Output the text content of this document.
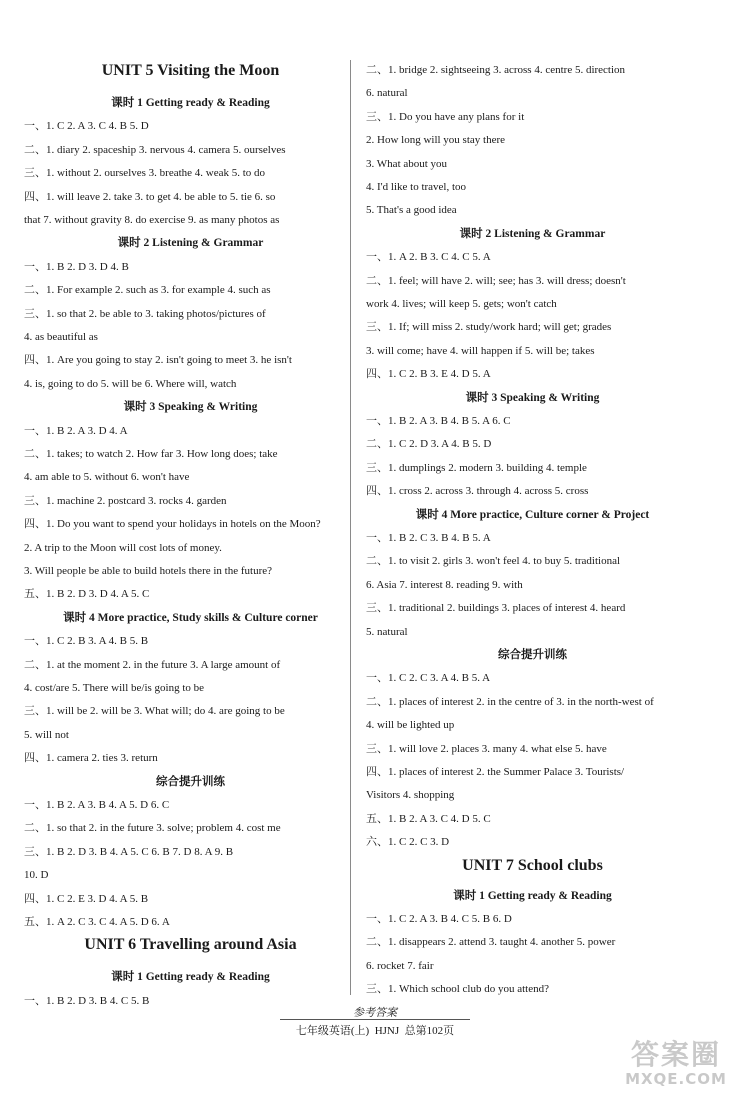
UNIT 5 Visiting the Moon
课时 1 Getting ready & Reading
一、1. C 2. A 3. C 4. B 5. D
二、1. diary 2. spaceship 3. nervous 4. camera 5. ourselves
三、1. without 2. ourselves 3. breathe 4. weak 5. to do
四、1. will leave 2. take 3. to get 4. be able to 5. tie 6. so
that 7. without gravity 8. do exercise 9. as many photos as
课时 2 Listening & Grammar
一、1. B 2. D 3. D 4. B
二、1. For example 2. such as 3. for example 4. such as
三、1. so that 2. be able to 3. taking photos/pictures of
4. as beautiful as
四、1. Are you going to stay 2. isn't going to meet 3. he isn't
4. is, going to do 5. will be 6. Where will, watch
课时 3 Speaking & Writing
一、1. B 2. A 3. D 4. A
二、1. takes; to watch 2. How far 3. How long does; take
4. am able to 5. without 6. won't have
三、1. machine 2. postcard 3. rocks 4. garden
四、1. Do you want to spend your holidays in hotels on the Moon?
2. A trip to the Moon will cost lots of money.
3. Will people be able to build hotels there in the future?
五、1. B 2. D 3. D 4. A 5. C
课时 4 More practice, Study skills & Culture corner
一、1. C 2. B 3. A 4. B 5. B
二、1. at the moment 2. in the future 3. A large amount of
4. cost/are 5. There will be/is going to be
三、1. will be 2. will be 3. What will; do 4. are going to be
5. will not
四、1. camera 2. ties 3. return
综合提升训练
一、1. B 2. A 3. B 4. A 5. D 6. C
二、1. so that 2. in the future 3. solve; problem 4. cost me
三、1. B 2. D 3. B 4. A 5. C 6. B 7. D 8. A 9. B
10. D
四、1. C 2. E 3. D 4. A 5. B
五、1. A 2. C 3. C 4. A 5. D 6. A
UNIT 6 Travelling around Asia
课时 1 Getting ready & Reading
一、1. B 2. D 3. B 4. C 5. B
二、1. bridge 2. sightseeing 3. across 4. centre 5. direction
6. natural
三、1. Do you have any plans for it
2. How long will you stay there
3. What about you
4. I'd like to travel, too
5. That's a good idea
课时 2 Listening & Grammar
一、1. A 2. B 3. C 4. C 5. A
二、1. feel; will have 2. will; see; has 3. will dress; doesn't
work 4. lives; will keep 5. gets; won't catch
三、1. If; will miss 2. study/work hard; will get; grades
3. will come; have 4. will happen if 5. will be; takes
四、1. C 2. B 3. E 4. D 5. A
课时 3 Speaking & Writing
一、1. B 2. A 3. B 4. B 5. A 6. C
二、1. C 2. D 3. A 4. B 5. D
三、1. dumplings 2. modern 3. building 4. temple
四、1. cross 2. across 3. through 4. across 5. cross
课时 4 More practice, Culture corner & Project
一、1. B 2. C 3. B 4. B 5. A
二、1. to visit 2. girls 3. won't feel 4. to buy 5. traditional
6. Asia 7. interest 8. reading 9. with
三、1. traditional 2. buildings 3. places of interest 4. heard
5. natural
综合提升训练
一、1. C 2. C 3. A 4. B 5. A
二、1. places of interest 2. in the centre of 3. in the north-west of
4. will be lighted up
三、1. will love 2. places 3. many 4. what else 5. have
四、1. places of interest 2. the Summer Palace 3. Tourists/
Visitors 4. shopping
五、1. B 2. A 3. C 4. D 5. C
六、1. C 2. C 3. D
UNIT 7 School clubs
课时 1 Getting ready & Reading
一、1. C 2. A 3. B 4. C 5. B 6. D
二、1. disappears 2. attend 3. taught 4. another 5. power
6. rocket 7. fair
三、1. Which school club do you attend?
参考答案
七年级英语(上) HJNJ 总第102页
答案圈
MXQE.COM
